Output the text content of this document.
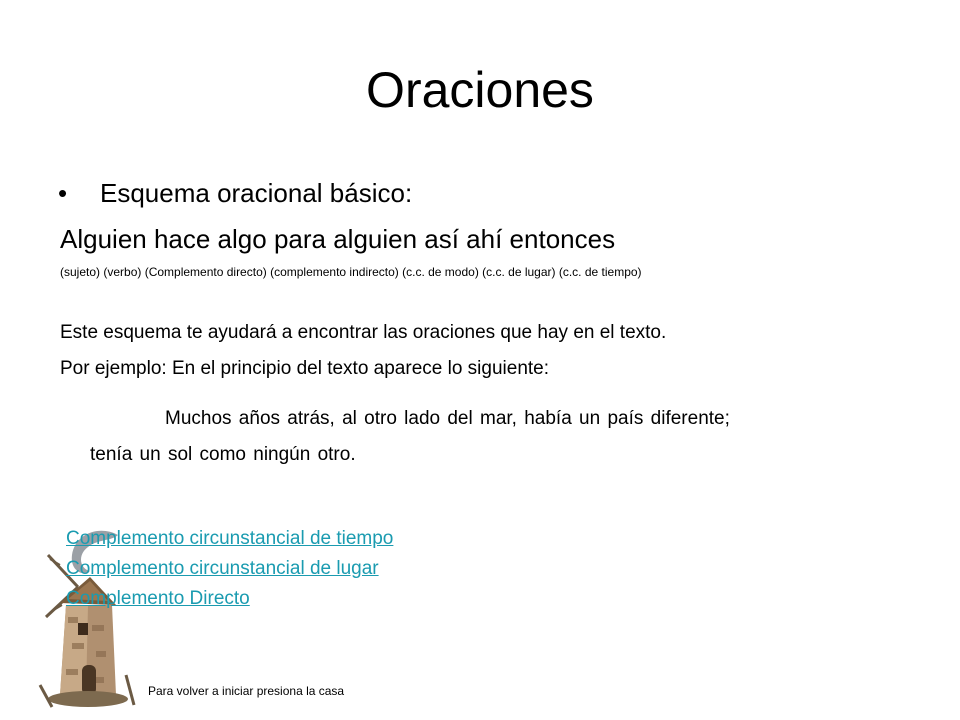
Oraciones
• Esquema oracional básico:
Alguien hace algo para alguien así ahí entonces
(sujeto) (verbo) (Complemento directo) (complemento indirecto) (c.c. de modo) (c.c. de lugar) (c.c. de tiempo)
Este esquema te ayudará a encontrar las oraciones que hay en el texto.
Por ejemplo: En el principio del texto aparece lo siguiente:
Muchos años atrás, al otro lado del mar, había un país diferente;
tenía un sol como ningún otro.
Complemento circunstancial de tiempo
Complemento circunstancial de lugar
Complemento Directo
Para volver a iniciar presiona la casa
